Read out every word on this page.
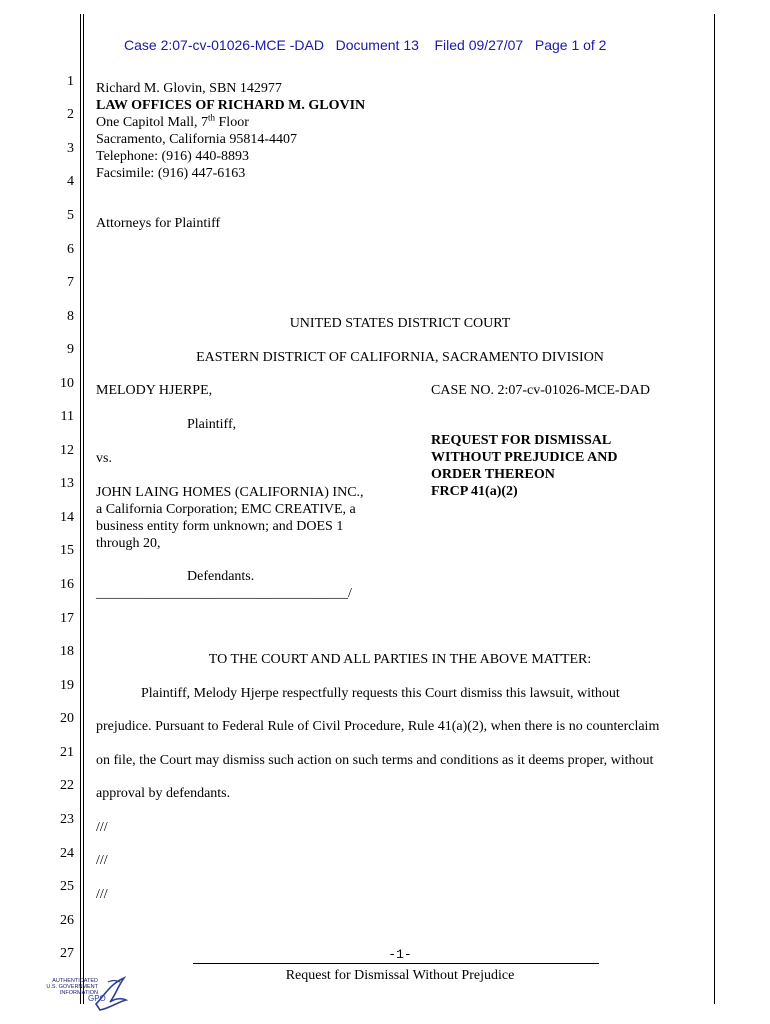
Case 2:07-cv-01026-MCE -DAD   Document 13    Filed 09/27/07   Page 1 of 2
1
2
3
4
5
6
7
8
9
10
11
12
13
14
15
16
17
18
19
20
21
22
23
24
25
26
27
Richard M. Glovin, SBN 142977
LAW OFFICES OF RICHARD M. GLOVIN
One Capitol Mall, 7th Floor
Sacramento, California 95814-4407
Telephone: (916) 440-8893
Facsimile: (916) 447-6163
Attorneys for Plaintiff
UNITED STATES DISTRICT COURT
EASTERN DISTRICT OF CALIFORNIA, SACRAMENTO DIVISION
MELODY HJERPE,
Plaintiff,
vs.
JOHN LAING HOMES (CALIFORNIA) INC.,
a California Corporation; EMC CREATIVE, a
business entity form unknown; and DOES 1
through 20,
Defendants.
____________________________________/
CASE NO. 2:07-cv-01026-MCE-DAD
REQUEST FOR DISMISSAL
WITHOUT PREJUDICE AND
ORDER THEREON
FRCP 41(a)(2)
TO THE COURT AND ALL PARTIES IN THE ABOVE MATTER:
Plaintiff, Melody Hjerpe respectfully requests this Court dismiss this lawsuit, without
prejudice. Pursuant to Federal Rule of Civil Procedure, Rule 41(a)(2), when there is no counterclaim
on file, the Court may dismiss such action on such terms and conditions as it deems proper, without
approval by defendants.
///
///
///
-1-
Request for Dismissal Without Prejudice
AUTHENTICATED
U.S. GOVERNMENT
INFORMATION
GPO
